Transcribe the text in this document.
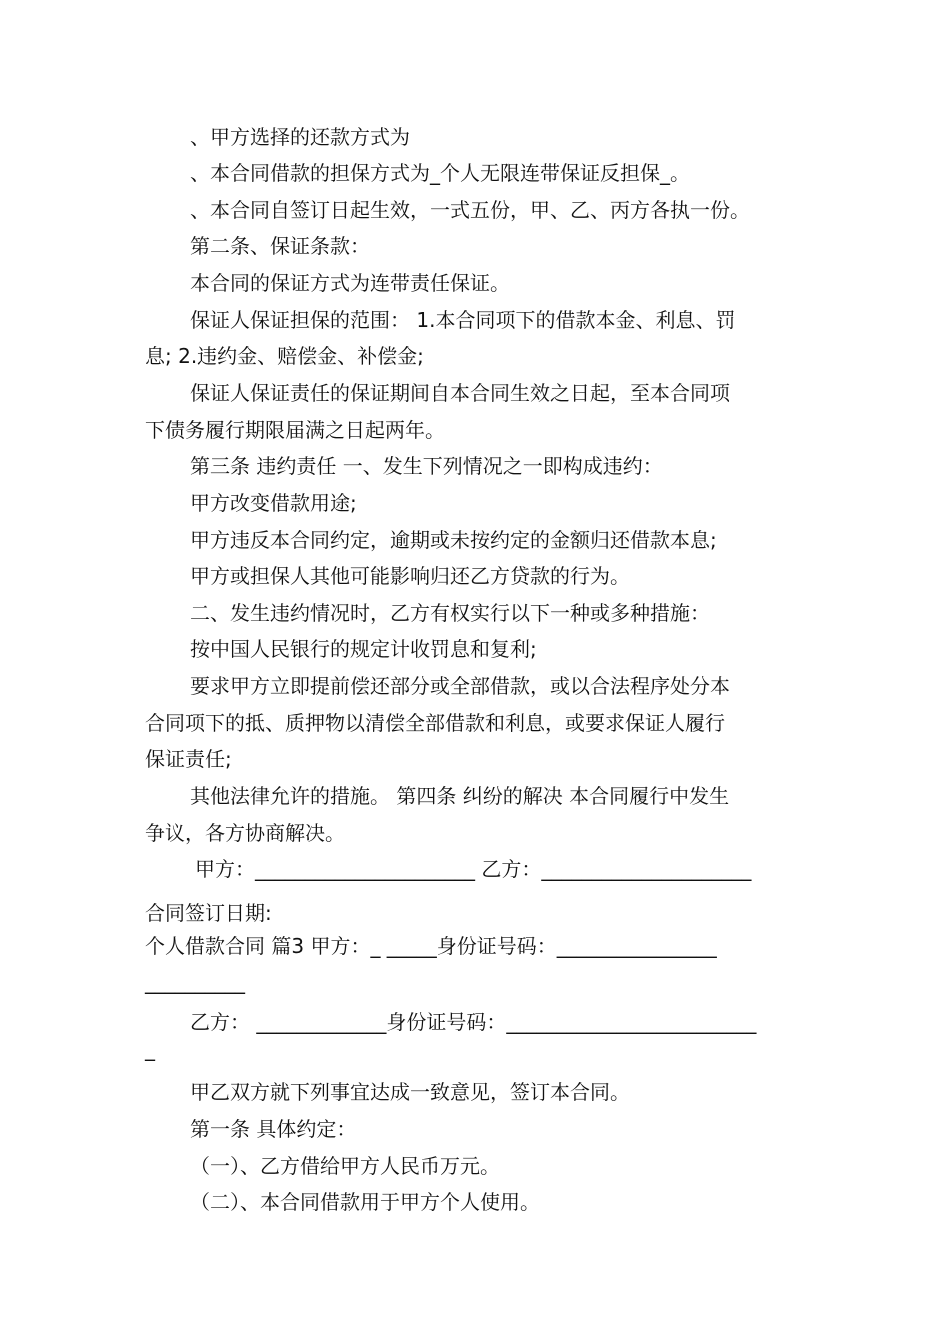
、甲方选择的还款方式为
、本合同借款的担保方式为_个人无限连带保证反担保_。
、本合同自签订日起生效，一式五份，甲、乙、丙方各执一份。
第二条、保证条款：
本合同的保证方式为连带责任保证。
保证人保证担保的范围： 1.本合同项下的借款本金、利息、罚
息; 2.违约金、赔偿金、补偿金;
保证人保证责任的保证期间自本合同生效之日起，至本合同项
下债务履行期限届满之日起两年。
第三条 违约责任 一、发生下列情况之一即构成违约：
甲方改变借款用途;
甲方违反本合同约定，逾期或未按约定的金额归还借款本息;
甲方或担保人其他可能影响归还乙方贷款的行为。
二、发生违约情况时，乙方有权实行以下一种或多种措施：
按中国人民银行的规定计收罚息和复利;
要求甲方立即提前偿还部分或全部借款，或以合法程序处分本
合同项下的抵、质押物以清偿全部借款和利息，或要求保证人履行
保证责任;
其他法律允许的措施。 第四条 纠纷的解决 本合同履行中发生
争议，各方协商解决。
甲方：______________________ 乙方：_____________________
合同签订日期:
个人借款合同 篇3 甲方：_ _____身份证号码：________________
__________
乙方： _____________身份证号码：_________________________
_
甲乙双方就下列事宜达成一致意见，签订本合同。
第一条 具体约定：
（一）、乙方借给甲方人民币万元。
（二）、本合同借款用于甲方个人使用。
